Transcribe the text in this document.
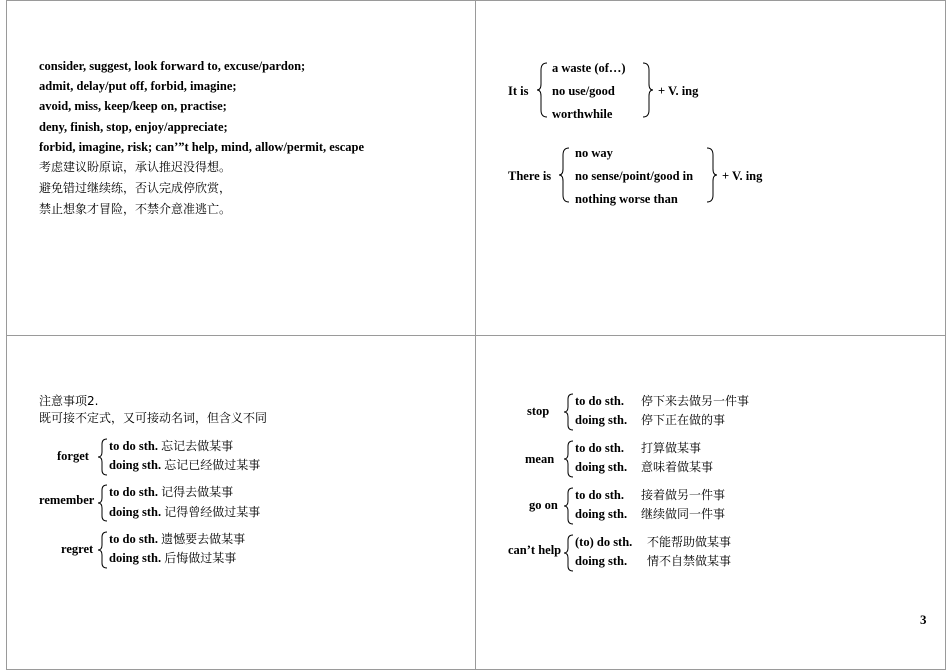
consider, suggest, look forward to, excuse/pardon;
admit, delay/put off, forbid, imagine;
avoid, miss, keep/keep on, practise;
deny, finish, stop, enjoy/appreciate;
forbid, imagine, risk; can’”t help, mind, allow/permit, escape
考虑建议盼原谅，承认推迟没得想。
避免错过继续练，否认完成停欣赏，
禁止想象才冒险，不禁介意准逃亡。
It is
a waste (of…)
no use/good
worthwhile
+ V. ing
There is
no way
no sense/point/good in
nothing worse than
+ V. ing
注意事项2.
既可接不定式，又可接动名词，但含义不同
forget
to do sth. 忘记去做某事
doing sth. 忘记已经做过某事
remember
to do sth. 记得去做某事
doing sth. 记得曾经做过某事
regret
to do sth. 遗憾要去做某事
doing sth. 后悔做过某事
stop
to do sth. 停下来去做另一件事
doing sth. 停下正在做的事
mean
to do sth. 打算做某事
doing sth. 意味着做某事
go on
to do sth. 接着做另一件事
doing sth. 继续做同一件事
can’t help
(to) do sth. 不能帮助做某事
doing sth. 情不自禁做某事
3
